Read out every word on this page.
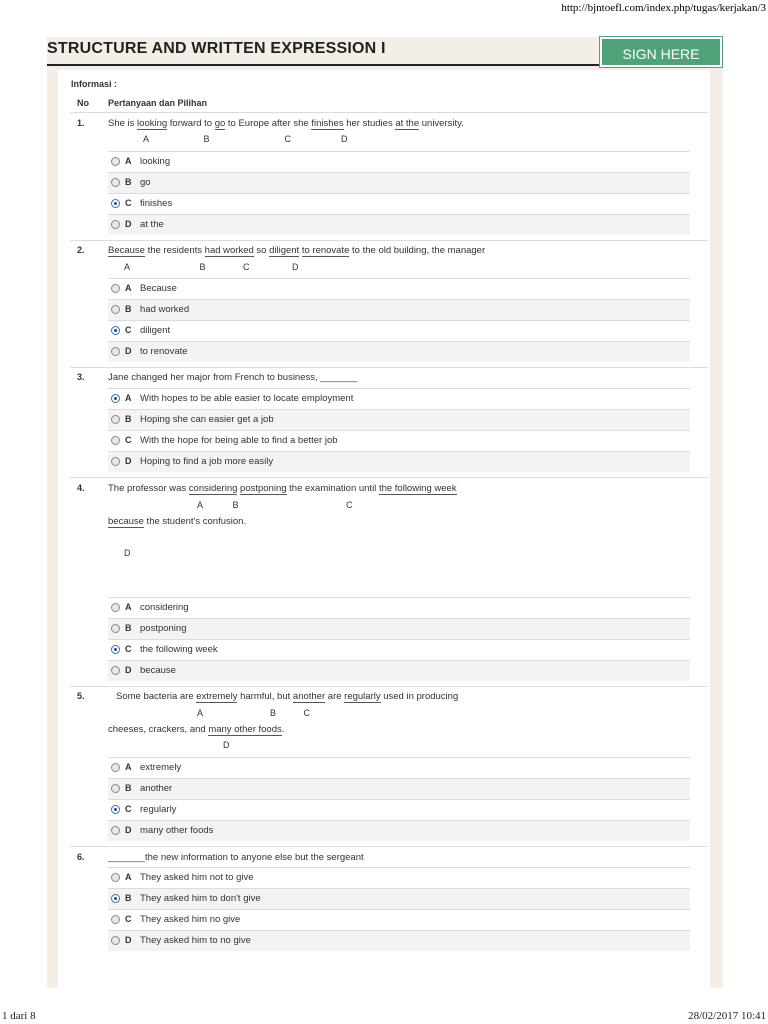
http://bjntoefl.com/index.php/tugas/kerjakan/3
STRUCTURE AND WRITTEN EXPRESSION I	SIGN HERE
Informasi :
No Pertanyaan dan Pilihan
1. She is looking forward to go to Europe after she finishes her studies at the university.
A                      B                              C                    D
A looking
B go
C finishes
D at the
2. Because the residents had worked so diligent to renovate to the old building, the manager
A                            B               C                 D
A Because
B had worked
C diligent
D to renovate
3. Jane changed her major from French to business, _______
A With hopes to be able easier to locate employment
B Hoping she can easier get a job
C With the hope for being able to find a better job
D Hoping to find a job more easily
4. The professor was considering postponing the examination until the following week
A            B                                           C
because the student's confusion.
D
A considering
B postponing
C the following week
D because
5.	Some bacteria are extremely harmful, but another are regularly used in producing
A                           B           C
cheeses, crackers, and many other foods.
D
A extremely
B another
C regularly
D many other foods
6. _______the new information to anyone else but the sergeant
A They asked him not to give
B They asked him to don't give
C They asked him no give
D They asked him to no give
1 dari 8	28/02/2017 10:41
